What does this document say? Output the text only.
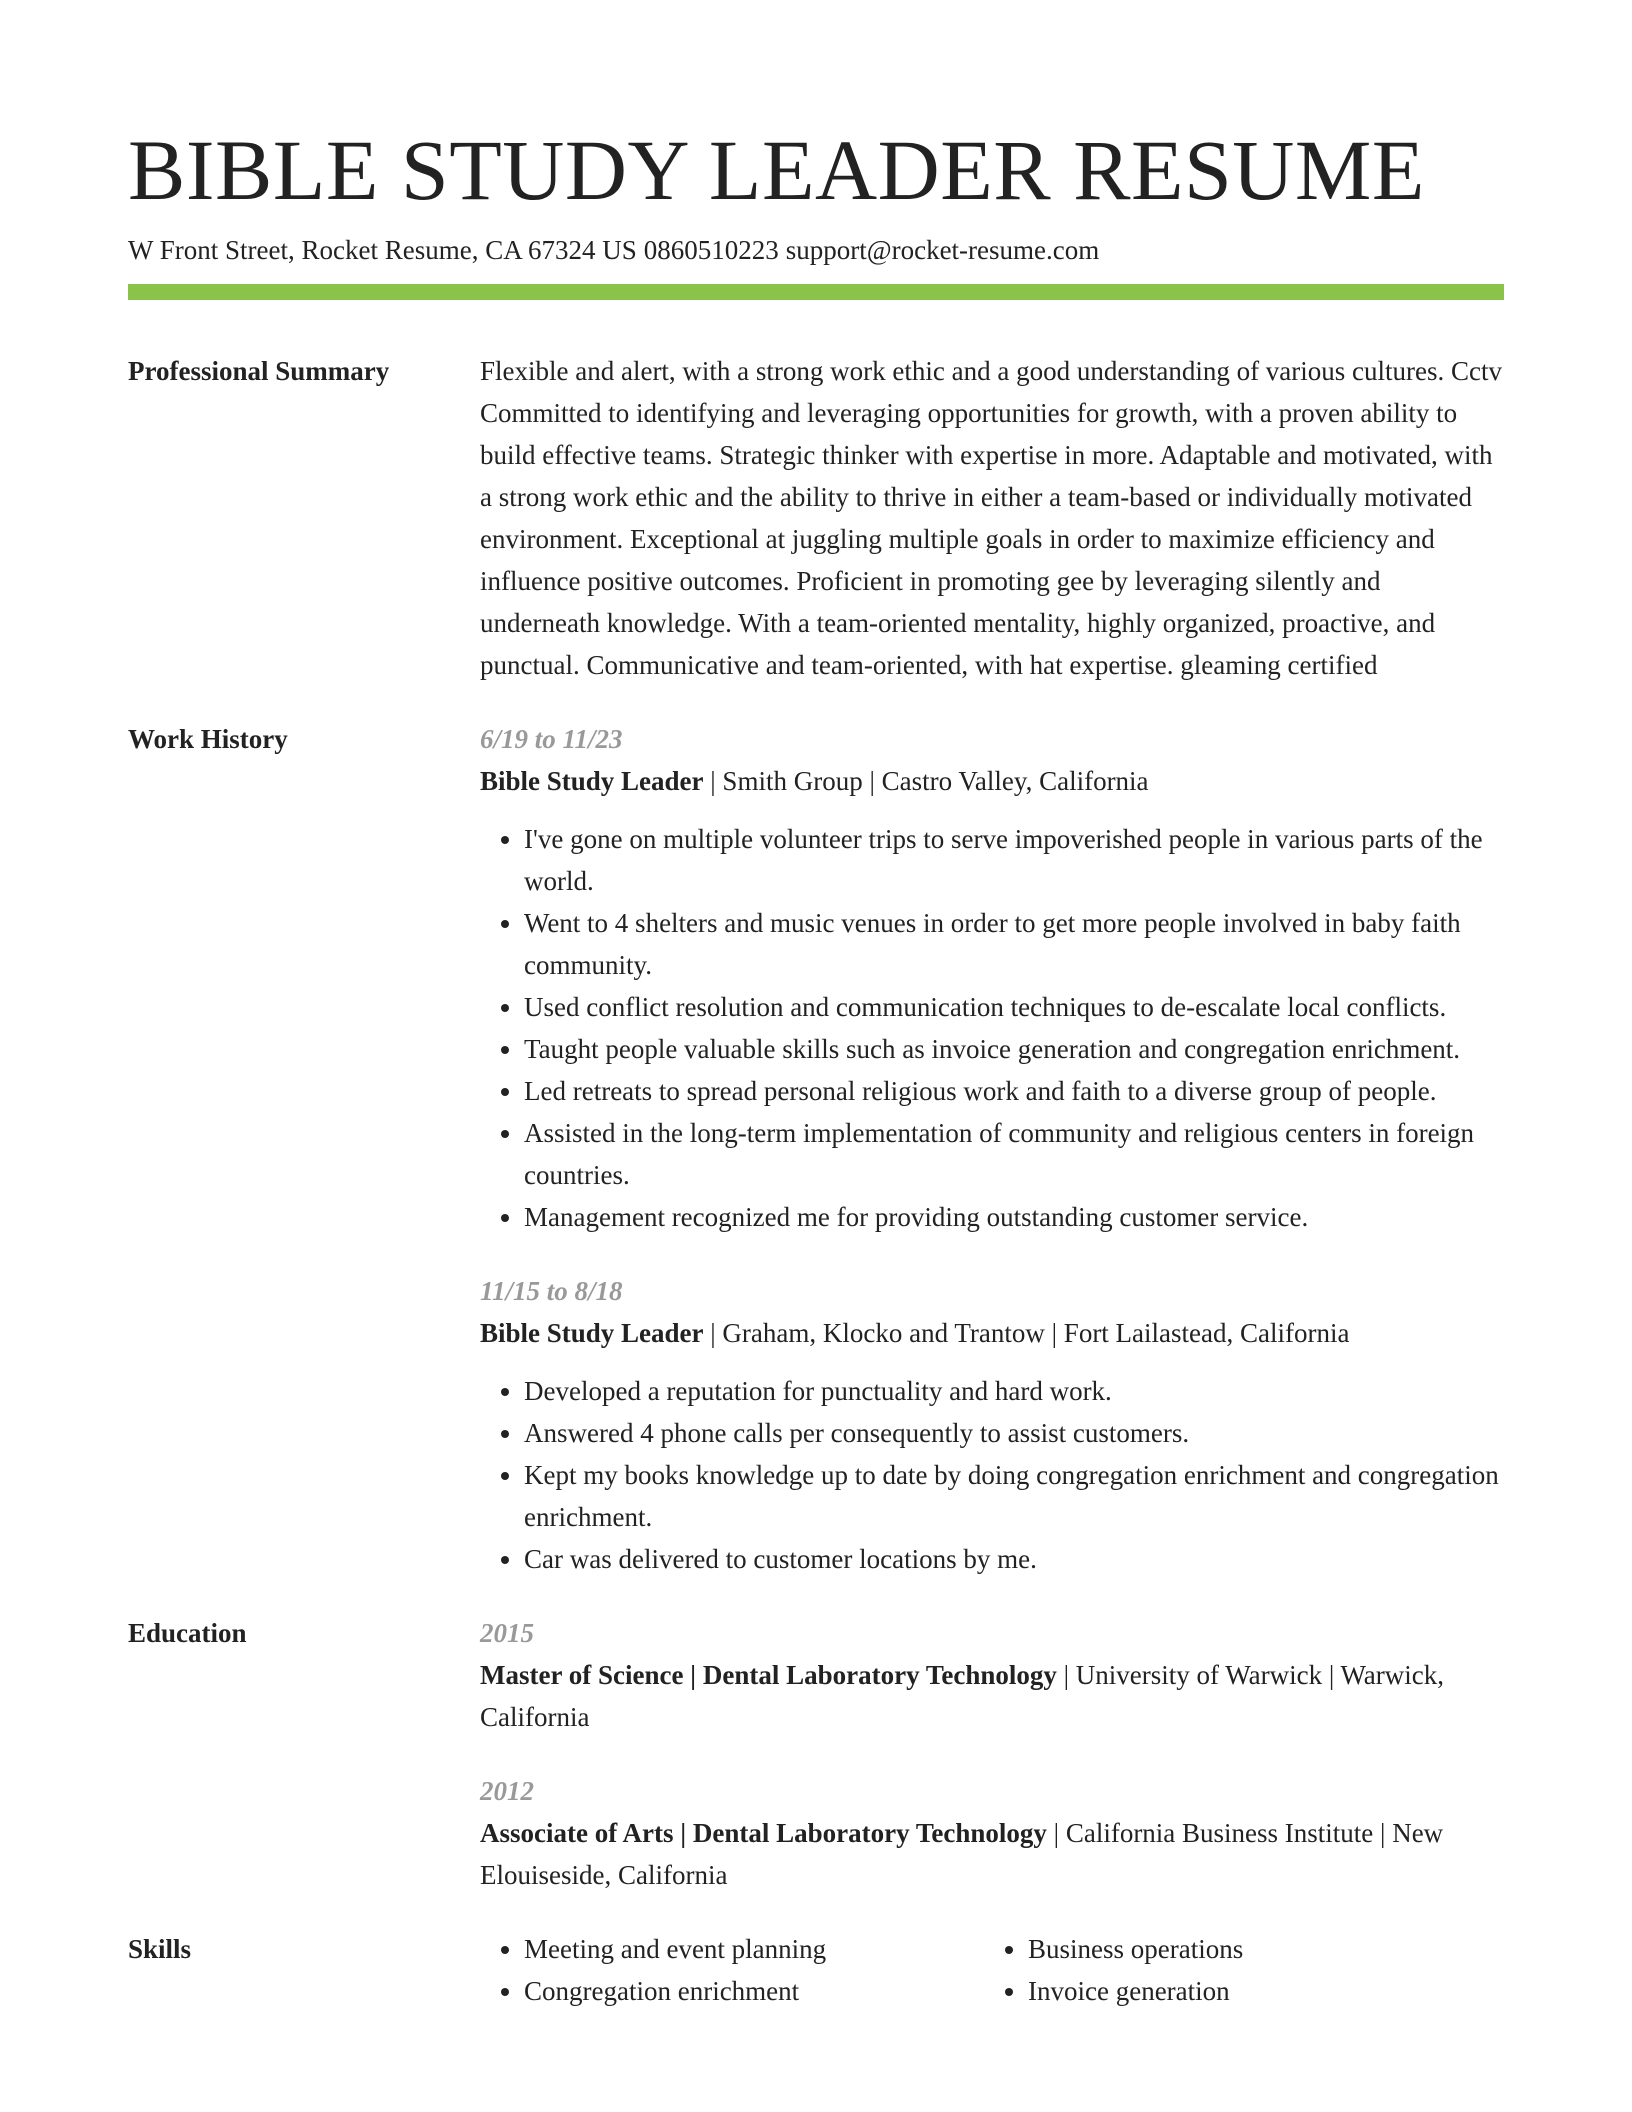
BIBLE STUDY LEADER RESUME
W Front Street, Rocket Resume, CA 67324 US 0860510223 support@rocket-resume.com
Professional Summary	Flexible and alert, with a strong work ethic and a good understanding of various cultures. Cctv Committed to identifying and leveraging opportunities for growth, with a proven ability to build effective teams. Strategic thinker with expertise in more. Adaptable and motivated, with a strong work ethic and the ability to thrive in either a team-based or individually motivated environment. Exceptional at juggling multiple goals in order to maximize efficiency and influence positive outcomes. Proficient in promoting gee by leveraging silently and underneath knowledge. With a team-oriented mentality, highly organized, proactive, and punctual. Communicative and team-oriented, with hat expertise. gleaming certified
Work History	6/19 to 11/23
Bible Study Leader | Smith Group | Castro Valley, California
• I've gone on multiple volunteer trips to serve impoverished people in various parts of the world.
• Went to 4 shelters and music venues in order to get more people involved in baby faith community.
• Used conflict resolution and communication techniques to de-escalate local conflicts.
• Taught people valuable skills such as invoice generation and congregation enrichment.
• Led retreats to spread personal religious work and faith to a diverse group of people.
• Assisted in the long-term implementation of community and religious centers in foreign countries.
• Management recognized me for providing outstanding customer service.
11/15 to 8/18
Bible Study Leader | Graham, Klocko and Trantow | Fort Lailastead, California
• Developed a reputation for punctuality and hard work.
• Answered 4 phone calls per consequently to assist customers.
• Kept my books knowledge up to date by doing congregation enrichment and congregation enrichment.
• Car was delivered to customer locations by me.
Education	2015
Master of Science | Dental Laboratory Technology | University of Warwick | Warwick, California
2012
Associate of Arts | Dental Laboratory Technology | California Business Institute | New Elouiseside, California
Skills
•	Meeting and event planning
• Congregation enrichment
• Business operations
• Invoice generation
